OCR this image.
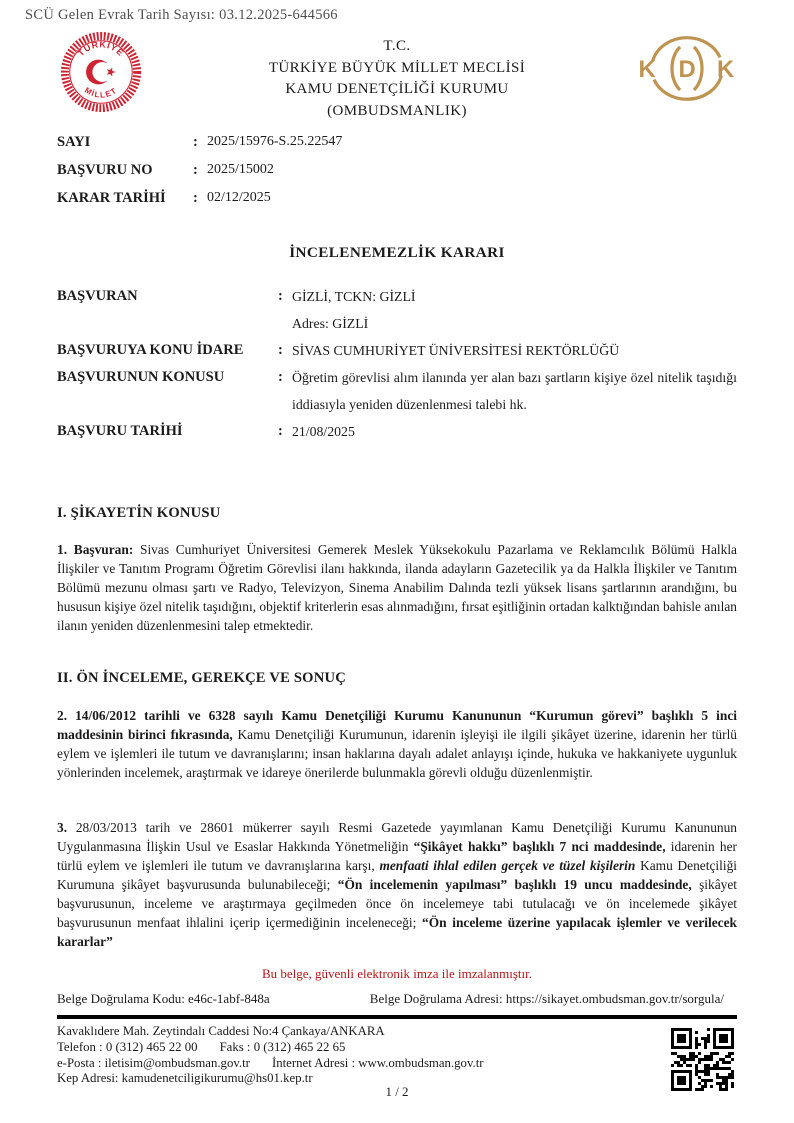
SCÜ Gelen Evrak Tarih Sayısı: 03.12.2025-644566
TÜRKİYE
MİLLET
T.C.
TÜRKİYE BÜYÜK MİLLET MECLİSİ
KAMU DENETÇİLİĞİ KURUMU
(OMBUDSMANLIK)
K D K
SAYI	: 2025/15976-S.25.22547
BAŞVURU NO	: 2025/15002
KARAR TARİHİ	: 02/12/2025
İNCELENEMEZLİK KARARI
BAŞVURAN	: GİZLİ, TCKN: GİZLİ
Adres: GİZLİ
BAŞVURUYA KONU İDARE	: SİVAS CUMHURİYET ÜNİVERSİTESİ REKTÖRLÜĞÜ
BAŞVURUNUN KONUSU	: Öğretim görevlisi alım ilanında yer alan bazı şartların kişiye özel nitelik taşıdığı iddiasıyla yeniden düzenlenmesi talebi hk.
BAŞVURU TARİHİ	: 21/08/2025
I. ŞİKAYETİN KONUSU

1. Başvuran: Sivas Cumhuriyet Üniversitesi Gemerek Meslek Yüksekokulu Pazarlama ve Reklamcılık Bölümü Halkla İlişkiler ve Tanıtım Programı Öğretim Görevlisi ilanı hakkında, ilanda adayların Gazetecilik ya da Halkla İlişkiler ve Tanıtım Bölümü mezunu olması şartı ve Radyo, Televizyon, Sinema Anabilim Dalında tezli yüksek lisans şartlarının arandığını, bu hususun kişiye özel nitelik taşıdığını, objektif kriterlerin esas alınmadığını, fırsat eşitliğinin ortadan kalktığından bahisle anılan ilanın yeniden düzenlenmesini talep etmektedir.

II. ÖN İNCELEME, GEREKÇE VE SONUÇ

2. 14/06/2012 tarihli ve 6328 sayılı Kamu Denetçiliği Kurumu Kanununun “Kurumun görevi” başlıklı 5 inci maddesinin birinci fıkrasında, Kamu Denetçiliği Kurumunun, idarenin işleyişi ile ilgili şikâyet üzerine, idarenin her türlü eylem ve işlemleri ile tutum ve davranışlarını; insan haklarına dayalı adalet anlayışı içinde, hukuka ve hakkaniyete uygunluk yönlerinden incelemek, araştırmak ve idareye önerilerde bulunmakla görevli olduğu düzenlenmiştir.

3. 28/03/2013 tarih ve 28601 mükerrer sayılı Resmi Gazetede yayımlanan Kamu Denetçiliği Kurumu Kanununun Uygulanmasına İlişkin Usul ve Esaslar Hakkında Yönetmeliğin “Şikâyet hakkı” başlıklı 7 nci maddesinde, idarenin her türlü eylem ve işlemleri ile tutum ve davranışlarına karşı, menfaati ihlal edilen gerçek ve tüzel kişilerin Kamu Denetçiliği Kurumuna şikâyet başvurusunda bulunabileceği; “Ön incelemenin yapılması” başlıklı 19 uncu maddesinde, şikâyet başvurusunun, inceleme ve araştırmaya geçilmeden önce ön incelemeye tabi tutulacağı ve ön incelemede şikâyet başvurusunun menfaat ihlalini içerip içermediğinin inceleneceği; “Ön inceleme üzerine yapılacak işlemler ve verilecek kararlar”

Bu belge, güvenli elektronik imza ile imzalanmıştır.
Belge Doğrulama Kodu: e46c-1abf-848a	Belge Doğrulama Adresi: https://sikayet.ombudsman.gov.tr/sorgula/
Kavaklıdere Mah. Zeytindalı Caddesi No:4 Çankaya/ANKARA
Telefon : 0 (312) 465 22 00 Faks : 0 (312) 465 22 65
e-Posta : iletisim@ombudsman.gov.tr İnternet Adresi : www.ombudsman.gov.tr
Kep Adresi: kamudenetciligikurumu@hs01.kep.tr
1 / 2
